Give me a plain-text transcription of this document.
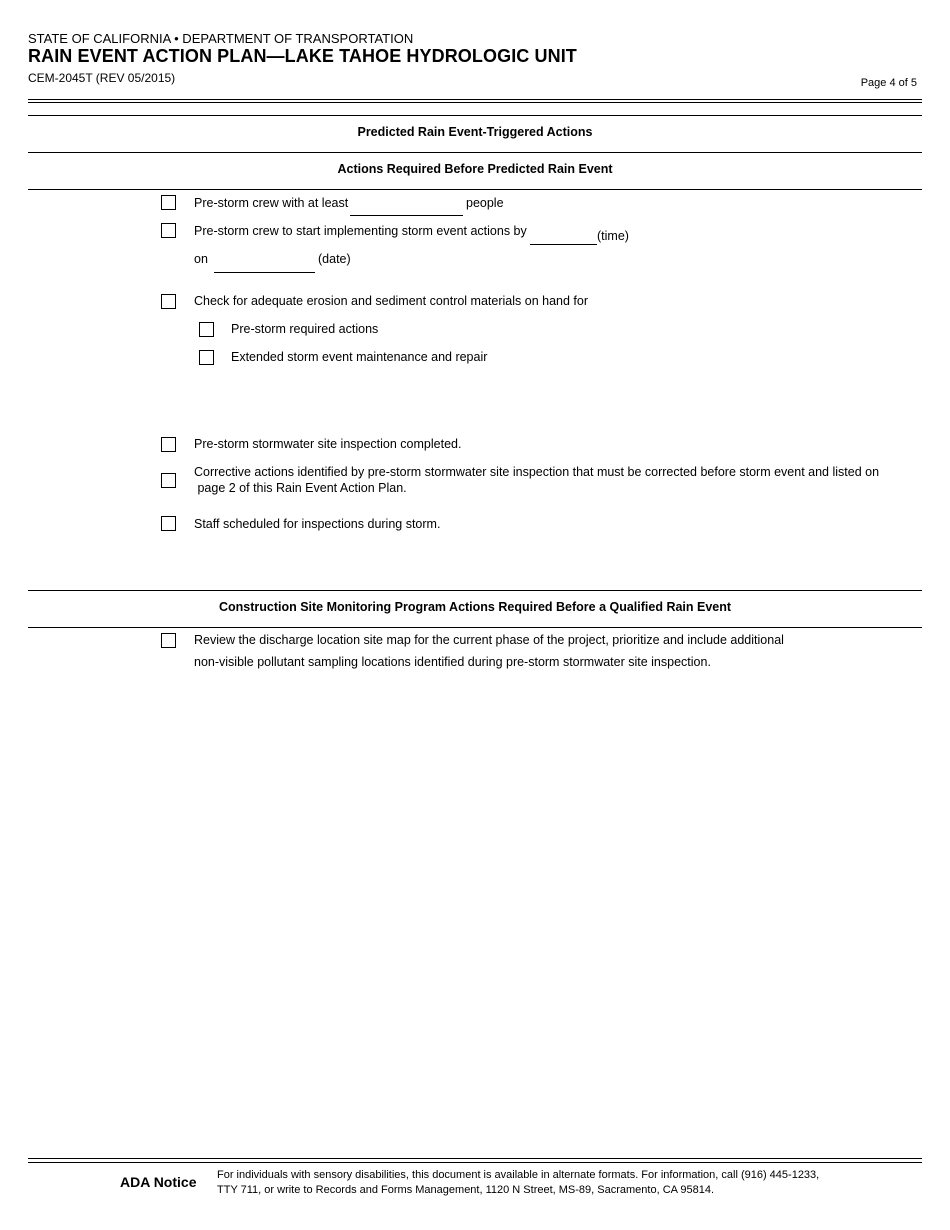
STATE OF CALIFORNIA • DEPARTMENT OF TRANSPORTATION
RAIN EVENT ACTION PLAN—LAKE TAHOE HYDROLOGIC UNIT
CEM-2045T (REV 05/2015)	Page 4 of 5
Predicted Rain Event-Triggered Actions
Actions Required Before Predicted Rain Event
Pre-storm crew with at least	people
Pre-storm crew to start implementing storm event actions by	(time)
on	(date)
Check for adequate erosion and sediment control materials on hand for
Pre-storm required actions
Extended storm event maintenance and repair
Pre-storm stormwater site inspection completed.
Corrective actions identified by pre-storm stormwater site inspection that must be corrected before storm event and listed on
page 2 of this Rain Event Action Plan.
Staff scheduled for inspections during storm.
Construction Site Monitoring Program Actions Required Before a Qualified Rain Event
Review the discharge location site map for the current phase of the project, prioritize and include additional
non-visible pollutant sampling locations identified during pre-storm stormwater site inspection.
ADA Notice For individuals with sensory disabilities, this document is available in alternate formats. For information, call (916) 445-1233,
TTY 711, or write to Records and Forms Management, 1120 N Street, MS-89, Sacramento, CA 95814.
